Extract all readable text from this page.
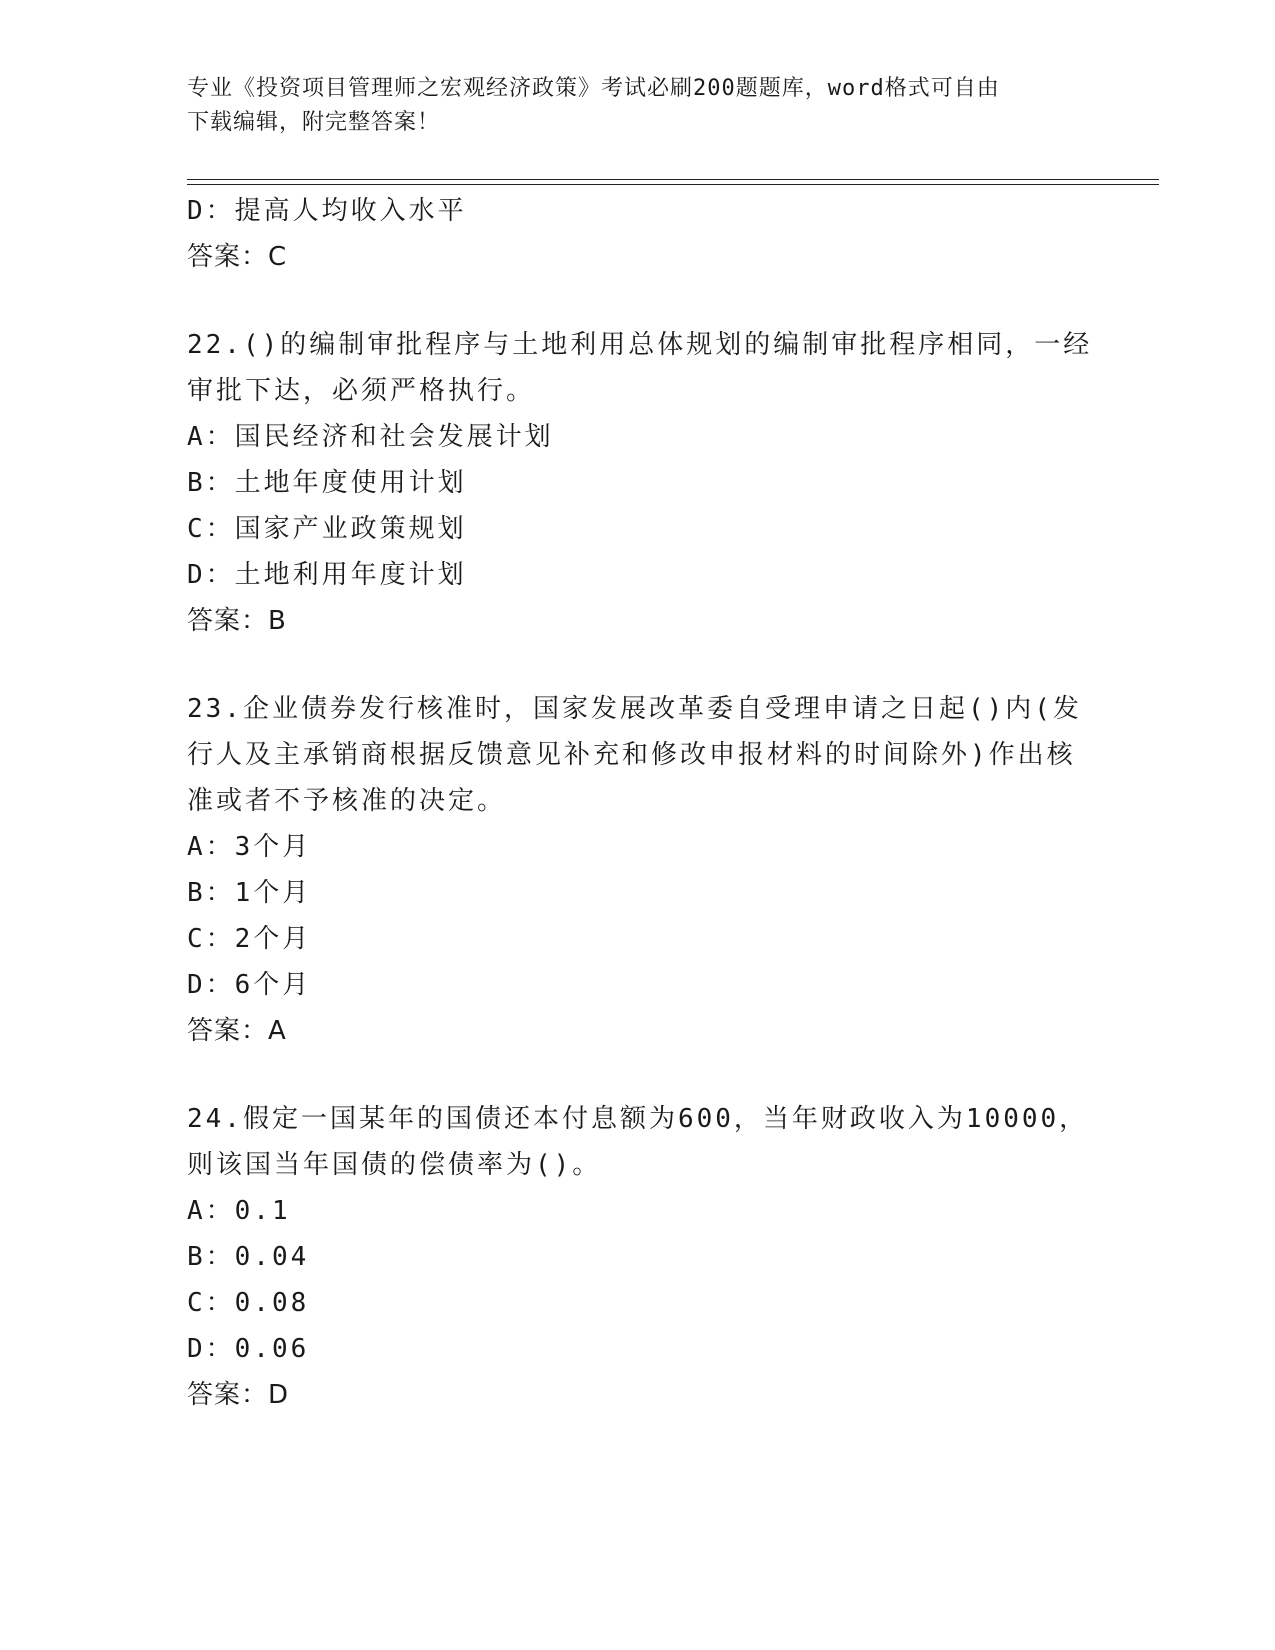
专业《投资项目管理师之宏观经济政策》考试必刷200题题库，word格式可自由
下载编辑，附完整答案！
D：提高人均收入水平
答案：C
22.()的编制审批程序与土地利用总体规划的编制审批程序相同，一经
审批下达，必须严格执行。
A：国民经济和社会发展计划
B：土地年度使用计划
C：国家产业政策规划
D：土地利用年度计划
答案：B
23.企业债券发行核准时，国家发展改革委自受理申请之日起()内(发
行人及主承销商根据反馈意见补充和修改申报材料的时间除外)作出核
准或者不予核准的决定。
A：3个月
B：1个月
C：2个月
D：6个月
答案：A
24.假定一国某年的国债还本付息额为600，当年财政收入为10000，
则该国当年国债的偿债率为()。
A：0.1
B：0.04
C：0.08
D：0.06
答案：D
